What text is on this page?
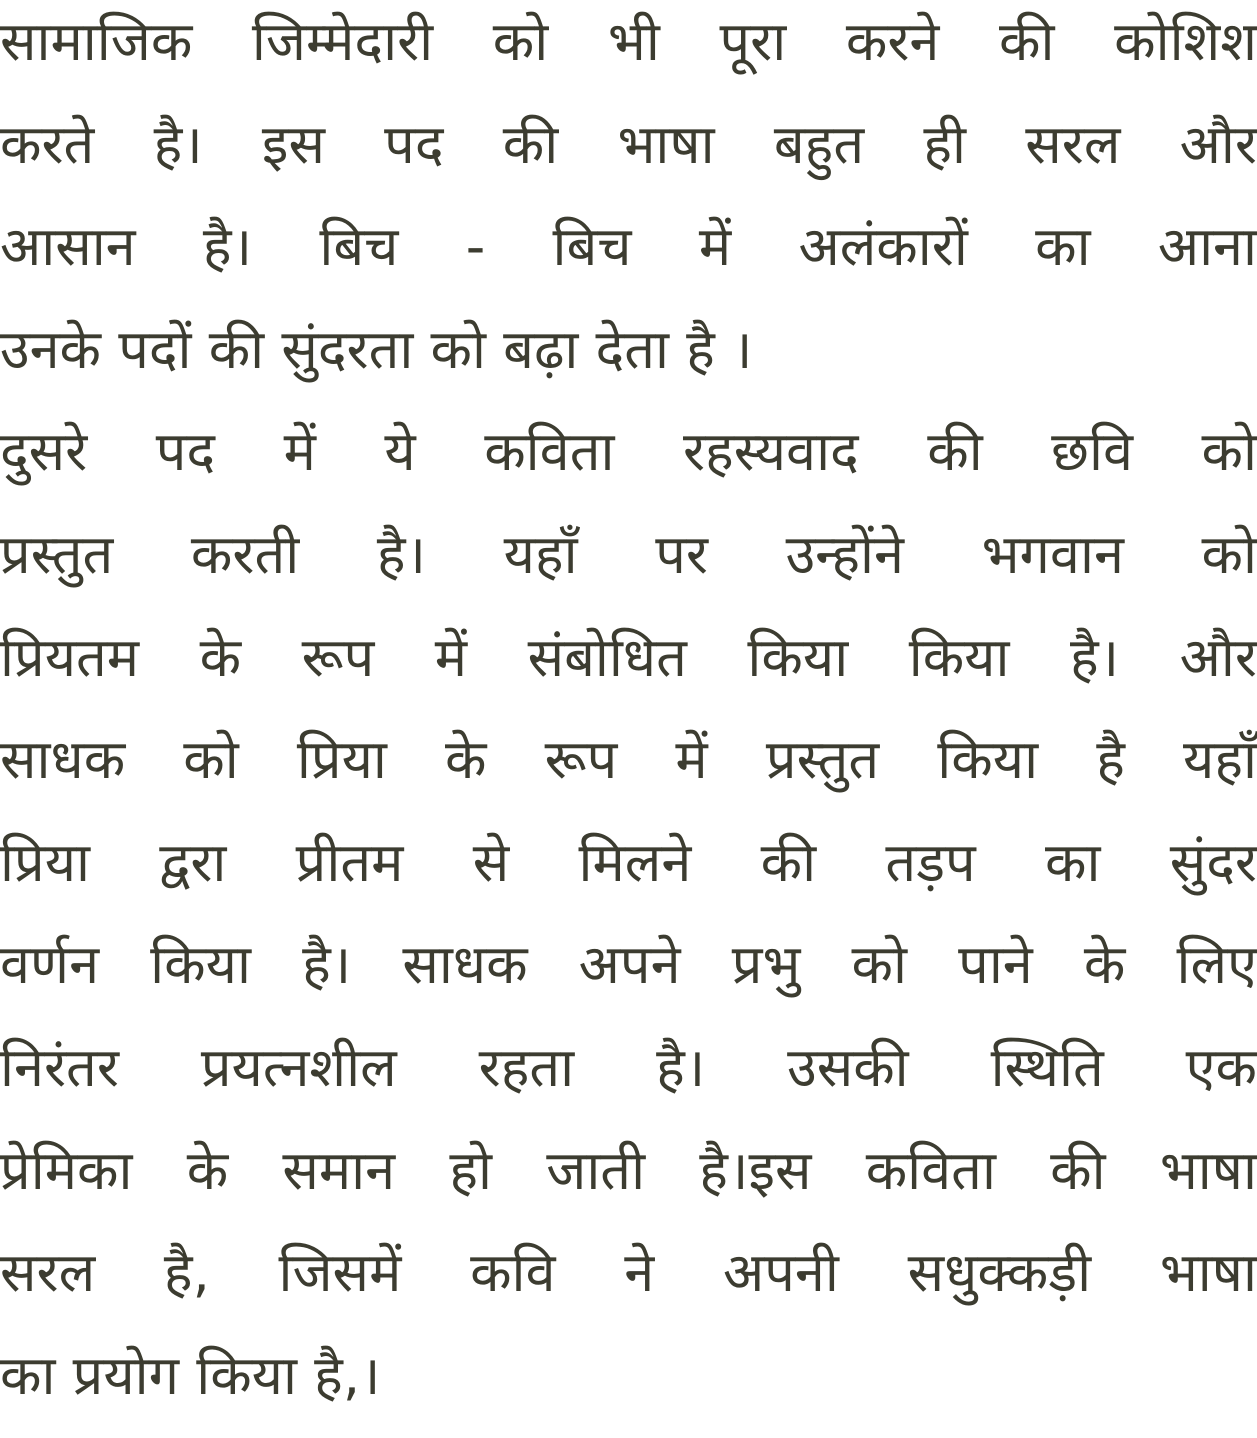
सामाजिक जिम्मेदारी को भी पूरा करने की कोशिश
करते है। इस पद की भाषा बहुत ही सरल और
आसान है। बिच - बिच में अलंकारों का आना
उनके पदों की सुंदरता को बढ़ा देता है ।
दुसरे पद में ये कविता रहस्यवाद की छवि को
प्रस्तुत करती है। यहाँ पर उन्होंने भगवान को
प्रियतम के रूप में संबोधित किया किया है। और
साधक को प्रिया के रूप में प्रस्तुत किया है यहाँ
प्रिया द्वरा प्रीतम से मिलने की तड़प का सुंदर
वर्णन किया है। साधक अपने प्रभु को पाने के लिए
निरंतर प्रयत्नशील रहता है। उसकी स्थिति एक
प्रेमिका के समान हो जाती है।इस कविता की भाषा
सरल है, जिसमें कवि ने अपनी सधुक्कड़ी भाषा
का प्रयोग किया है,।
